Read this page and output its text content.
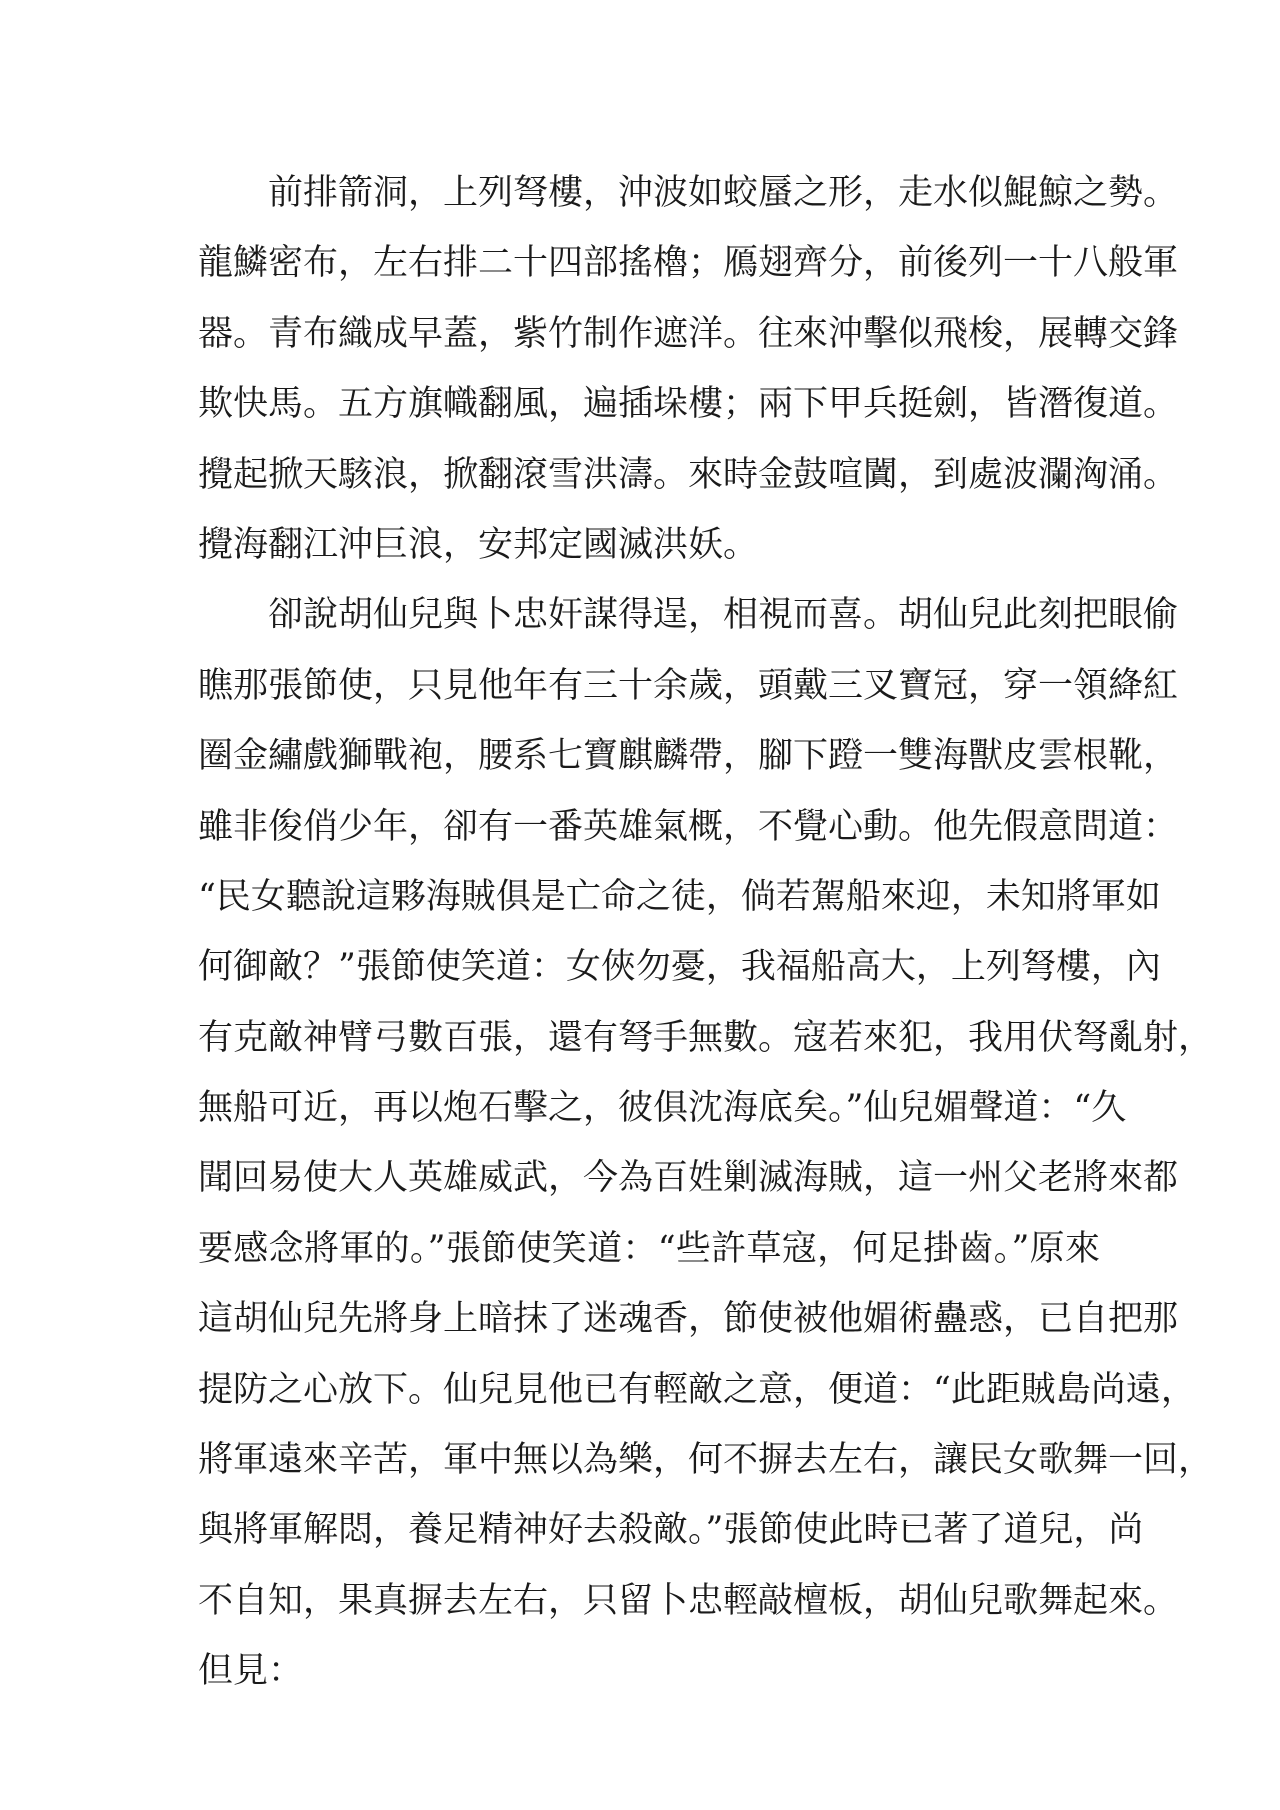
前排箭洞，上列弩樓，沖波如蛟蜃之形，走水似鯤鯨之勢。
龍鱗密布，左右排二十四部搖櫓；鴈翅齊分，前後列一十八般軍
器。青布織成早蓋，紫竹制作遮洋。往來沖擊似飛梭，展轉交鋒
欺快馬。五方旗幟翻風，遍插垛樓；兩下甲兵挺劍，皆潛復道。
攪起掀天駭浪，掀翻滾雪洪濤。來時金鼓喧闐，到處波瀾洶涌。
攪海翻江沖巨浪，安邦定國滅洪妖。
卻說胡仙兒與卜忠奸謀得逞，相視而喜。胡仙兒此刻把眼偷
瞧那張節使，只見他年有三十余歲，頭戴三叉寶冠，穿一領絳紅
圈金繡戲獅戰袍，腰系七寶麒麟帶，腳下蹬一雙海獸皮雲根靴，
雖非俊俏少年，卻有一番英雄氣概，不覺心動。他先假意問道：
“民女聽說這夥海賊俱是亡命之徒，倘若駕船來迎，未知將軍如
何御敵？”張節使笑道：女俠勿憂，我福船高大，上列弩樓，內
有克敵神臂弓數百張，還有弩手無數。寇若來犯，我用伏弩亂射，
無船可近，再以炮石擊之，彼俱沈海底矣。”仙兒媚聲道：“久
聞回易使大人英雄威武，今為百姓剿滅海賊，這一州父老將來都
要感念將軍的。”張節使笑道：“些許草寇，何足掛齒。”原來
這胡仙兒先將身上暗抹了迷魂香，節使被他媚術蠱惑，已自把那
提防之心放下。仙兒見他已有輕敵之意，便道：“此距賊島尚遠，
將軍遠來辛苦，軍中無以為樂，何不摒去左右，讓民女歌舞一回，
與將軍解悶，養足精神好去殺敵。”張節使此時已著了道兒，尚
不自知，果真摒去左右，只留卜忠輕敲檀板，胡仙兒歌舞起來。
但見：
